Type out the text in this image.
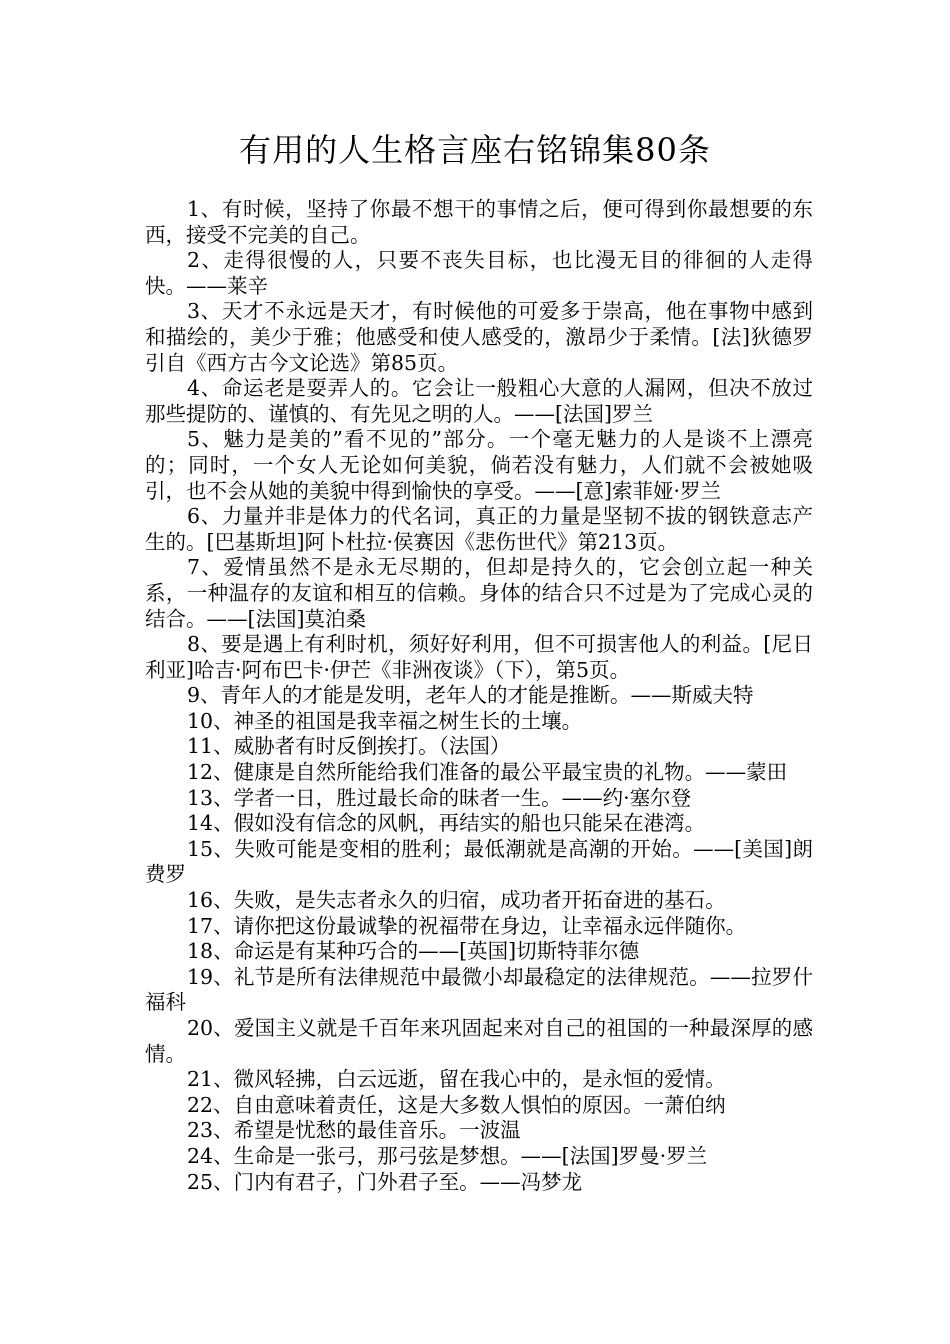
有用的人生格言座右铭锦集80条

1、有时候，坚持了你最不想干的事情之后，便可得到你最想要的东西，接受不完美的自己。

2、走得很慢的人，只要不丧失目标，也比漫无目的徘徊的人走得快。——莱辛

3、天才不永远是天才，有时候他的可爱多于崇高，他在事物中感到和描绘的，美少于雅；他感受和使人感受的，激昂少于柔情。[法]狄德罗引自《西方古今文论选》第85页。

4、命运老是耍弄人的。它会让一般粗心大意的人漏网，但决不放过那些提防的、谨慎的、有先见之明的人。——[法国]罗兰

5、魅力是美的”看不见的”部分。一个毫无魅力的人是谈不上漂亮的；同时，一个女人无论如何美貌，倘若没有魅力，人们就不会被她吸引，也不会从她的美貌中得到愉快的享受。——[意]索菲娅·罗兰

6、力量并非是体力的代名词，真正的力量是坚韧不拔的钢铁意志产生的。[巴基斯坦]阿卜杜拉·侯赛因《悲伤世代》第213页。

7、爱情虽然不是永无尽期的，但却是持久的，它会创立起一种关系，一种温存的友谊和相互的信赖。身体的结合只不过是为了完成心灵的结合。——[法国]莫泊桑

8、要是遇上有利时机，须好好利用，但不可损害他人的利益。[尼日利亚]哈吉·阿布巴卡·伊芒《非洲夜谈》（下），第5页。

9、青年人的才能是发明，老年人的才能是推断。——斯威夫特

10、神圣的祖国是我幸福之树生长的土壤。

11、威胁者有时反倒挨打。（法国）

12、健康是自然所能给我们准备的最公平最宝贵的礼物。——蒙田

13、学者一日，胜过最长命的昧者一生。——约·塞尔登

14、假如没有信念的风帆，再结实的船也只能呆在港湾。

15、失败可能是变相的胜利；最低潮就是高潮的开始。——[美国]朗费罗

16、失败，是失志者永久的归宿，成功者开拓奋进的基石。

17、请你把这份最诚挚的祝福带在身边，让幸福永远伴随你。

18、命运是有某种巧合的——[英国]切斯特菲尔德

19、礼节是所有法律规范中最微小却最稳定的法律规范。——拉罗什福科

20、爱国主义就是千百年来巩固起来对自己的祖国的一种最深厚的感情。

21、微风轻拂，白云远逝，留在我心中的，是永恒的爱情。

22、自由意味着责任，这是大多数人惧怕的原因。一萧伯纳

23、希望是忧愁的最佳音乐。一波温

24、生命是一张弓，那弓弦是梦想。——[法国]罗曼·罗兰

25、门内有君子，门外君子至。——冯梦龙
